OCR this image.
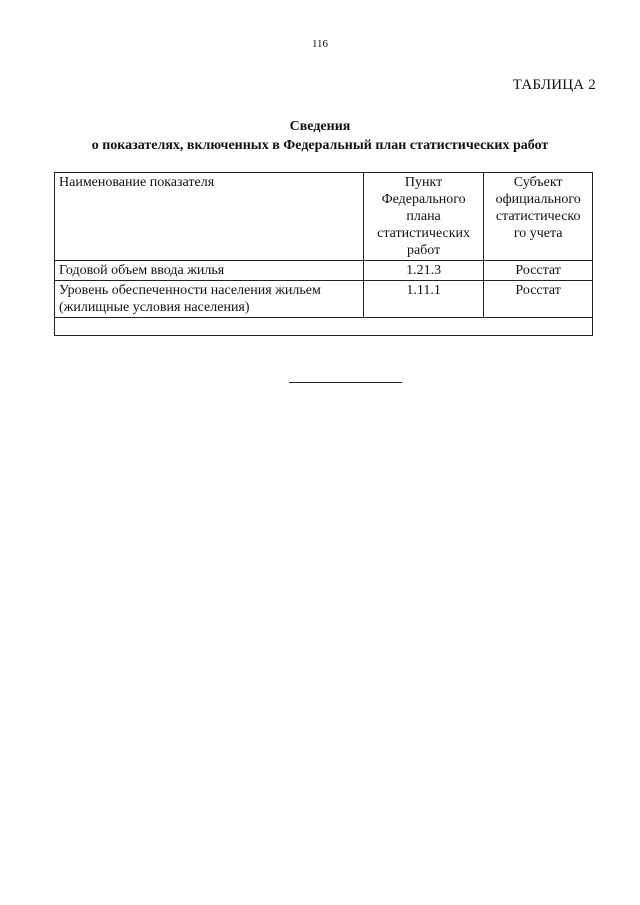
116
ТАБЛИЦА 2
Сведения
о показателях, включенных в Федеральный план статистических работ
Наименование показателя	Пункт Федерального плана статистических работ	Субъект официального статистическо го учета
Годовой объем ввода жилья	1.21.3	Росстат
Уровень обеспеченности населения жильем (жилищные условия населения)	1.11.1	Росстат
